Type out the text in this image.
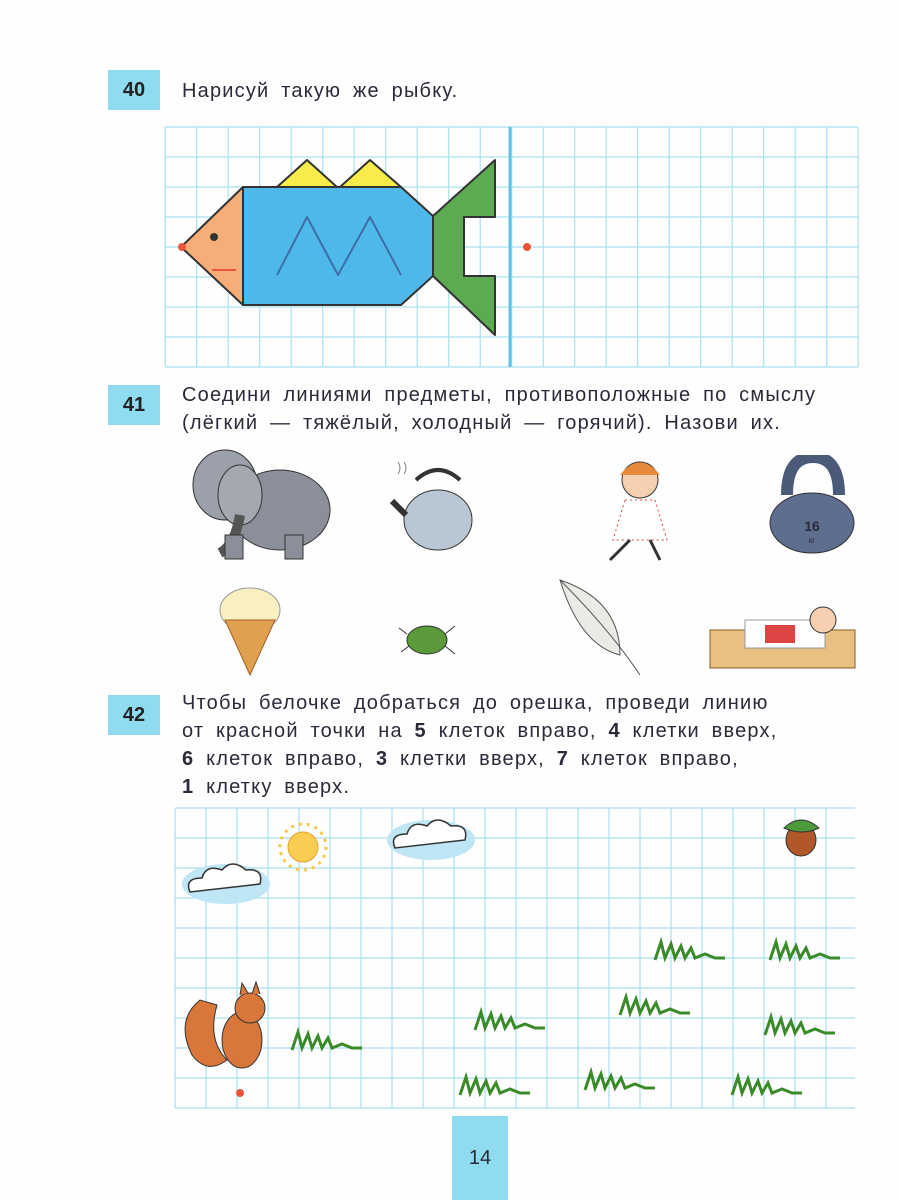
40	Нарисуй такую же рыбку.
41	Соедини линиями предметы, противоположные по смыслу
(лёгкий — тяжёлый, холодный — горячий). Назови их.
16
кг
42
Чтобы белочке добраться до орешка, проведи линию
от красной точки на 5 клеток вправо, 4 клетки вверх,
6 клеток вправо, 3 клетки вверх, 7 клеток вправо,
1 клетку вверх.
14
